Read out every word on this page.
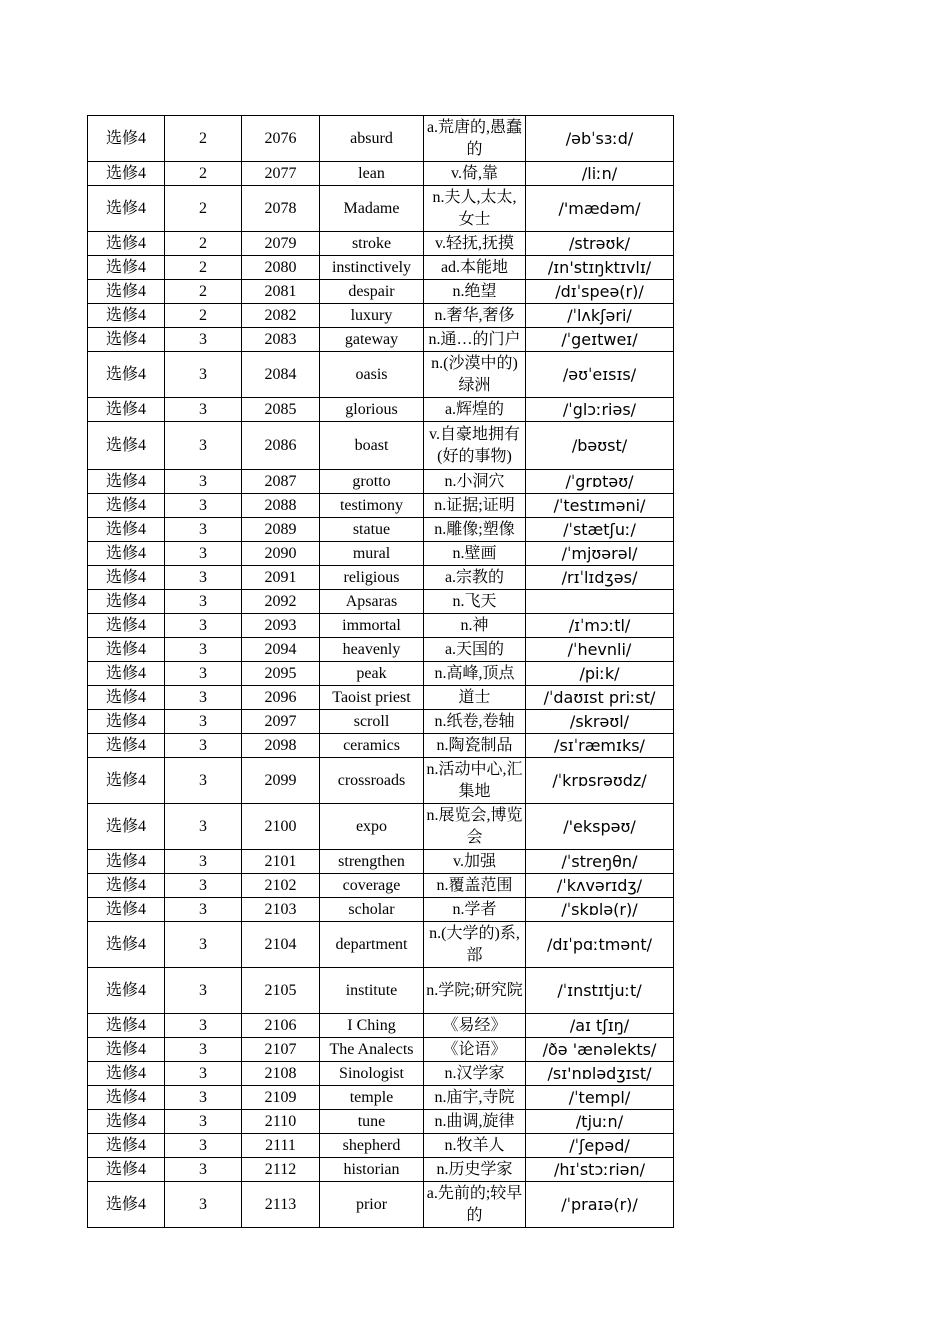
选修4	2	2076	absurd	a.荒唐的,愚蠢的	/əbˈsɜːd/
选修4	2	2077	lean	v.倚,靠	/liːn/
选修4	2	2078	Madame	n.夫人,太太,女士	/'mædəm/
选修4	2	2079	stroke	v.轻抚,抚摸	/strəʊk/
选修4	2	2080	instinctively	ad.本能地	/ɪn'stɪŋktɪvlɪ/
选修4	2	2081	despair	n.绝望	/dɪˈspeə(r)/
选修4	2	2082	luxury	n.奢华,奢侈	/ˈlʌkʃəri/
选修4	3	2083	gateway	n.通…的门户	/ˈgeɪtweɪ/
选修4	3	2084	oasis	n.(沙漠中的)绿洲	/əʊˈeɪsɪs/
选修4	3	2085	glorious	a.辉煌的	/ˈglɔːriəs/
选修4	3	2086	boast	v.自豪地拥有(好的事物)	/bəʊst/
选修4	3	2087	grotto	n.小洞穴	/ˈgrɒtəʊ/
选修4	3	2088	testimony	n.证据;证明	/ˈtestɪməni/
选修4	3	2089	statue	n.雕像;塑像	/ˈstætʃuː/
选修4	3	2090	mural	n.壁画	/ˈmjʊərəl/
选修4	3	2091	religious	a.宗教的	/rɪˈlɪdʒəs/
选修4	3	2092	Apsaras	n.飞天	
选修4	3	2093	immortal	n.神	/ɪˈmɔːtl/
选修4	3	2094	heavenly	a.天国的	/ˈhevnli/
选修4	3	2095	peak	n.高峰,顶点	/piːk/
选修4	3	2096	Taoist priest	道士	/ˈdaʊɪst priːst/
选修4	3	2097	scroll	n.纸卷,卷轴	/skrəʊl/
选修4	3	2098	ceramics	n.陶瓷制品	/sɪˈræmɪks/
选修4	3	2099	crossroads	n.活动中心,汇集地	/ˈkrɒsrəʊdz/
选修4	3	2100	expo	n.展览会,博览会	/'ekspəʊ/
选修4	3	2101	strengthen	v.加强	/ˈstreŋθn/
选修4	3	2102	coverage	n.覆盖范围	/ˈkʌvərɪdʒ/
选修4	3	2103	scholar	n.学者	/ˈskɒlə(r)/
选修4	3	2104	department	n.(大学的)系,部	/dɪˈpɑːtmənt/
选修4	3	2105	institute	n.学院;研究院	/ˈɪnstɪtjuːt/
选修4	3	2106	I Ching	《易经》	/aɪ tʃɪŋ/
选修4	3	2107	The Analects	《论语》	/ðə 'ænəlekts/
选修4	3	2108	Sinologist	n.汉学家	/sɪ'nɒlədʒɪst/
选修4	3	2109	temple	n.庙宇,寺院	/ˈtempl/
选修4	3	2110	tune	n.曲调,旋律	/tjuːn/
选修4	3	2111	shepherd	n.牧羊人	/ˈʃepəd/
选修4	3	2112	historian	n.历史学家	/hɪˈstɔːriən/
选修4	3	2113	prior	a.先前的;较早的	/ˈpraɪə(r)/
